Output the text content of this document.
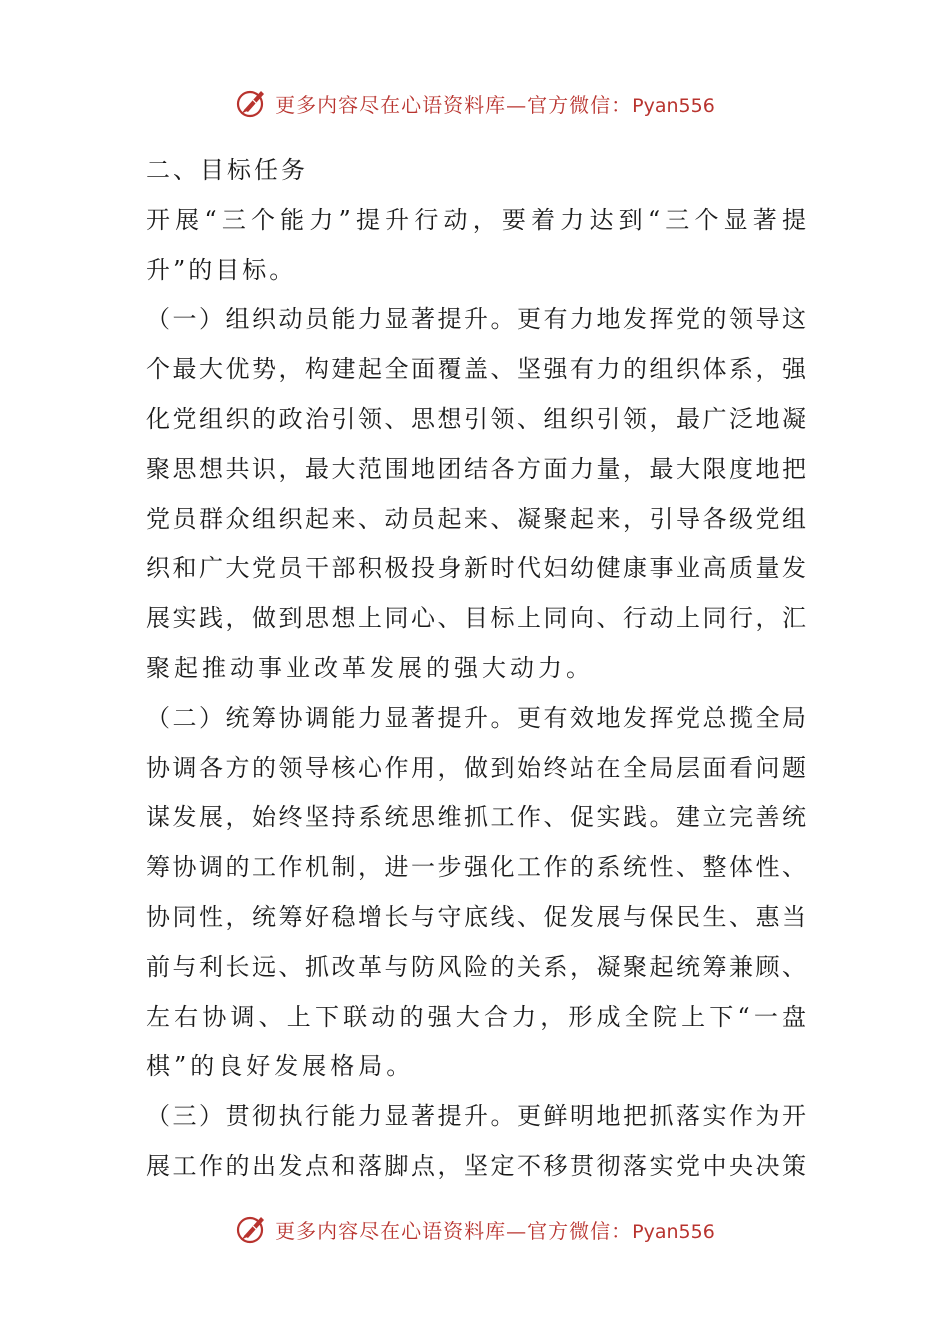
更多内容尽在心语资料库—官方微信：Pyan556
二、目标任务
开展“三个能力”提升行动，要着力达到“三个显著提
升”的目标。
（一）组织动员能力显著提升。更有力地发挥党的领导这
个最大优势，构建起全面覆盖、坚强有力的组织体系，强
化党组织的政治引领、思想引领、组织引领，最广泛地凝
聚思想共识，最大范围地团结各方面力量，最大限度地把
党员群众组织起来、动员起来、凝聚起来，引导各级党组
织和广大党员干部积极投身新时代妇幼健康事业高质量发
展实践，做到思想上同心、目标上同向、行动上同行，汇
聚起推动事业改革发展的强大动力。
（二）统筹协调能力显著提升。更有效地发挥党总揽全局
协调各方的领导核心作用，做到始终站在全局层面看问题
谋发展，始终坚持系统思维抓工作、促实践。建立完善统
筹协调的工作机制，进一步强化工作的系统性、整体性、
协同性，统筹好稳增长与守底线、促发展与保民生、惠当
前与利长远、抓改革与防风险的关系，凝聚起统筹兼顾、
左右协调、上下联动的强大合力，形成全院上下“一盘
棋”的良好发展格局。
（三）贯彻执行能力显著提升。更鲜明地把抓落实作为开
展工作的出发点和落脚点，坚定不移贯彻落实党中央决策
更多内容尽在心语资料库—官方微信：Pyan556
